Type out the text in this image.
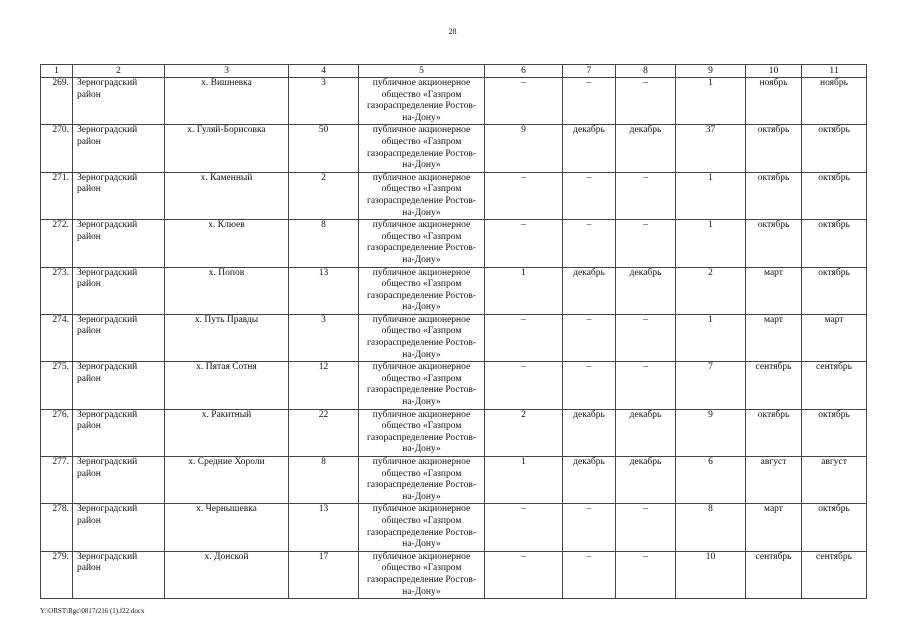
28
1	2	3	4	5	6	7	8	9	10	11
269.	Зерноградский район	х. Вишневка	3	публичное акционерное общество «Газпром газораспределение Ростов-на-Дону»	–	–	–	1	ноябрь	ноябрь
270.	Зерноградский район	х. Гуляй-Борисовка	50	публичное акционерное общество «Газпром газораспределение Ростов-на-Дону»	9	декабрь	декабрь	37	октябрь	октябрь
271.	Зерноградский район	х. Каменный	2	публичное акционерное общество «Газпром газораспределение Ростов-на-Дону»	–	–	–	1	октябрь	октябрь
272.	Зерноградский район	х. Клюев	8	публичное акционерное общество «Газпром газораспределение Ростов-на-Дону»	–	–	–	1	октябрь	октябрь
273.	Зерноградский район	х. Попов	13	публичное акционерное общество «Газпром газораспределение Ростов-на-Дону»	1	декабрь	декабрь	2	март	октябрь
274.	Зерноградский район	х. Путь Правды	3	публичное акционерное общество «Газпром газораспределение Ростов-на-Дону»	–	–	–	1	март	март
275.	Зерноградский район	х. Пятая Сотня	12	публичное акционерное общество «Газпром газораспределение Ростов-на-Дону»	–	–	–	7	сентябрь	сентябрь
276.	Зерноградский район	х. Ракитный	22	публичное акционерное общество «Газпром газораспределение Ростов-на-Дону»	2	декабрь	декабрь	9	октябрь	октябрь
277.	Зерноградский район	х. Средние Хороли	8	публичное акционерное общество «Газпром газораспределение Ростов-на-Дону»	1	декабрь	декабрь	6	август	август
278.	Зерноградский район	х. Чернышевка	13	публичное акционерное общество «Газпром газораспределение Ростов-на-Дону»	–	–	–	8	март	октябрь
279.	Зерноградский район	х. Донской	17	публичное акционерное общество «Газпром газораспределение Ростов-на-Дону»	–	–	–	10	сентябрь	сентябрь
Y:\ORST\Rgc\0817r216 (1).f22.docx
